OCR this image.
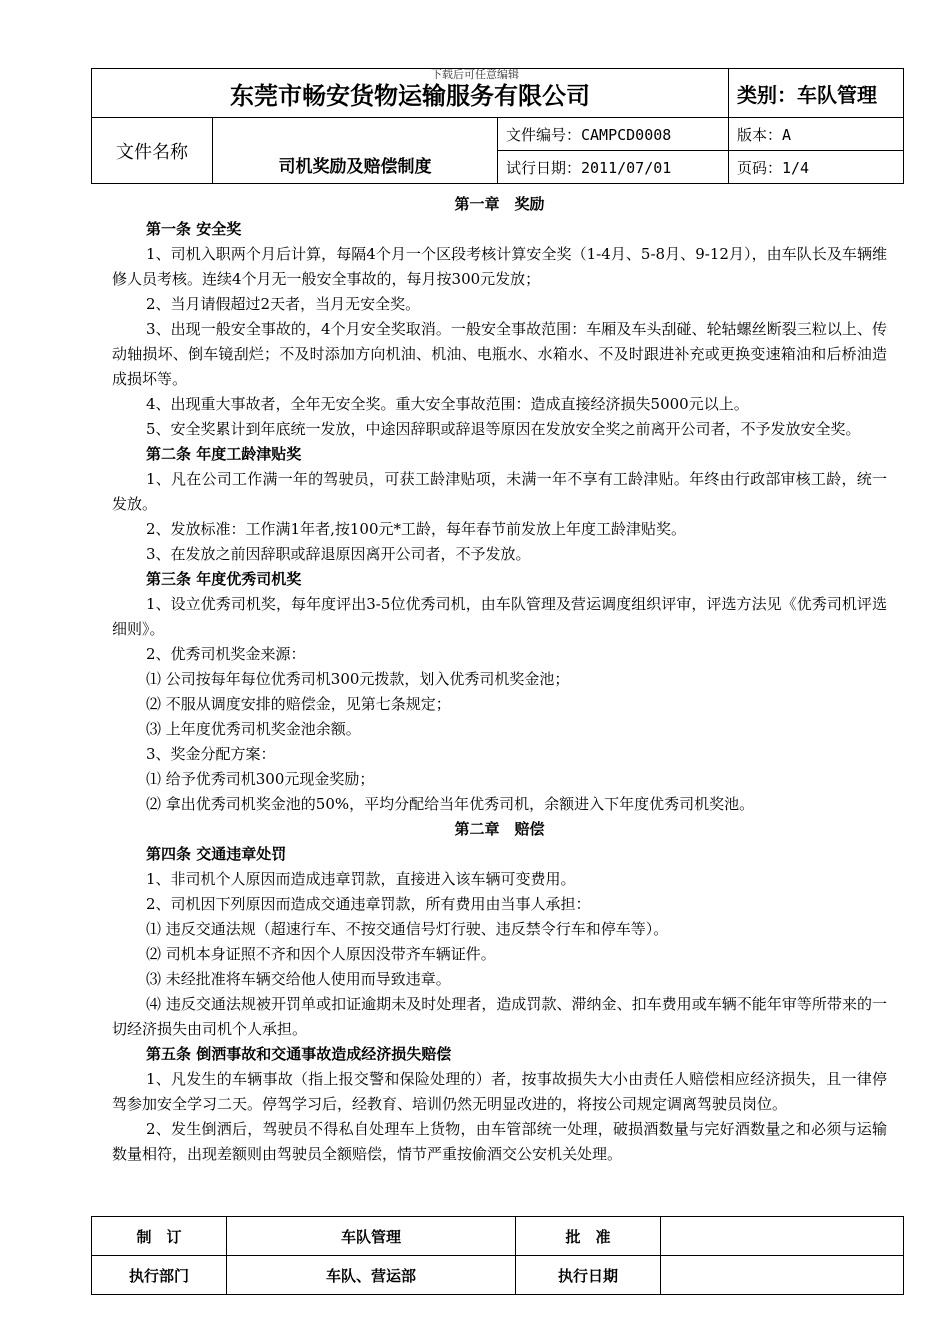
下载后可任意编辑
东莞市畅安货物运输服务有限公司			类别：车队管理
文件名称	司机奖励及赔偿制度	文件编号：CAMPCD0008	版本：A
		试行日期：2011/07/01	页码：1/4

第一章　奖励

第一条 安全奖

1、司机入职两个月后计算，每隔4个月一个区段考核计算安全奖（1-4月、5-8月、9-12月），由车队长及车辆维修人员考核。连续4个月无一般安全事故的，每月按300元发放；

2、当月请假超过2天者，当月无安全奖。

3、出现一般安全事故的，4个月安全奖取消。一般安全事故范围：车厢及车头刮碰、轮轱螺丝断裂三粒以上、传动轴损坏、倒车镜刮烂；不及时添加方向机油、机油、电瓶水、水箱水、不及时跟进补充或更换变速箱油和后桥油造成损坏等。

4、出现重大事故者，全年无安全奖。重大安全事故范围：造成直接经济损失5000元以上。

5、安全奖累计到年底统一发放，中途因辞职或辞退等原因在发放安全奖之前离开公司者，不予发放安全奖。

第二条 年度工龄津贴奖

1、凡在公司工作满一年的驾驶员，可获工龄津贴项，未满一年不享有工龄津贴。年终由行政部审核工龄，统一发放。

2、发放标准：工作满1年者,按100元*工龄，每年春节前发放上年度工龄津贴奖。

3、在发放之前因辞职或辞退原因离开公司者，不予发放。

第三条 年度优秀司机奖

1、设立优秀司机奖，每年度评出3-5位优秀司机，由车队管理及营运调度组织评审，评选方法见《优秀司机评选细则》。

2、优秀司机奖金来源：

⑴ 公司按每年每位优秀司机300元拨款，划入优秀司机奖金池；

⑵ 不服从调度安排的赔偿金，见第七条规定；

⑶ 上年度优秀司机奖金池余额。

3、奖金分配方案：

⑴ 给予优秀司机300元现金奖励；

⑵ 拿出优秀司机奖金池的50%，平均分配给当年优秀司机，余额进入下年度优秀司机奖池。

第二章　赔偿

第四条 交通违章处罚

1、非司机个人原因而造成违章罚款，直接进入该车辆可变费用。

2、司机因下列原因而造成交通违章罚款，所有费用由当事人承担：

⑴ 违反交通法规（超速行车、不按交通信号灯行驶、违反禁令行车和停车等）。

⑵ 司机本身证照不齐和因个人原因没带齐车辆证件。

⑶ 未经批准将车辆交给他人使用而导致违章。

⑷ 违反交通法规被开罚单或扣证逾期未及时处理者，造成罚款、滞纳金、扣车费用或车辆不能年审等所带来的一切经济损失由司机个人承担。

第五条 倒洒事故和交通事故造成经济损失赔偿

1、凡发生的车辆事故（指上报交警和保险处理的）者，按事故损失大小由责任人赔偿相应经济损失，且一律停驾参加安全学习二天。停驾学习后，经教育、培训仍然无明显改进的，将按公司规定调离驾驶员岗位。

2、发生倒洒后，驾驶员不得私自处理车上货物，由车管部统一处理，破损酒数量与完好酒数量之和必须与运输数量相符，出现差额则由驾驶员全额赔偿，情节严重按偷酒交公安机关处理。

制　订	车队管理	批　准	
执行部门	车队、营运部	执行日期	
